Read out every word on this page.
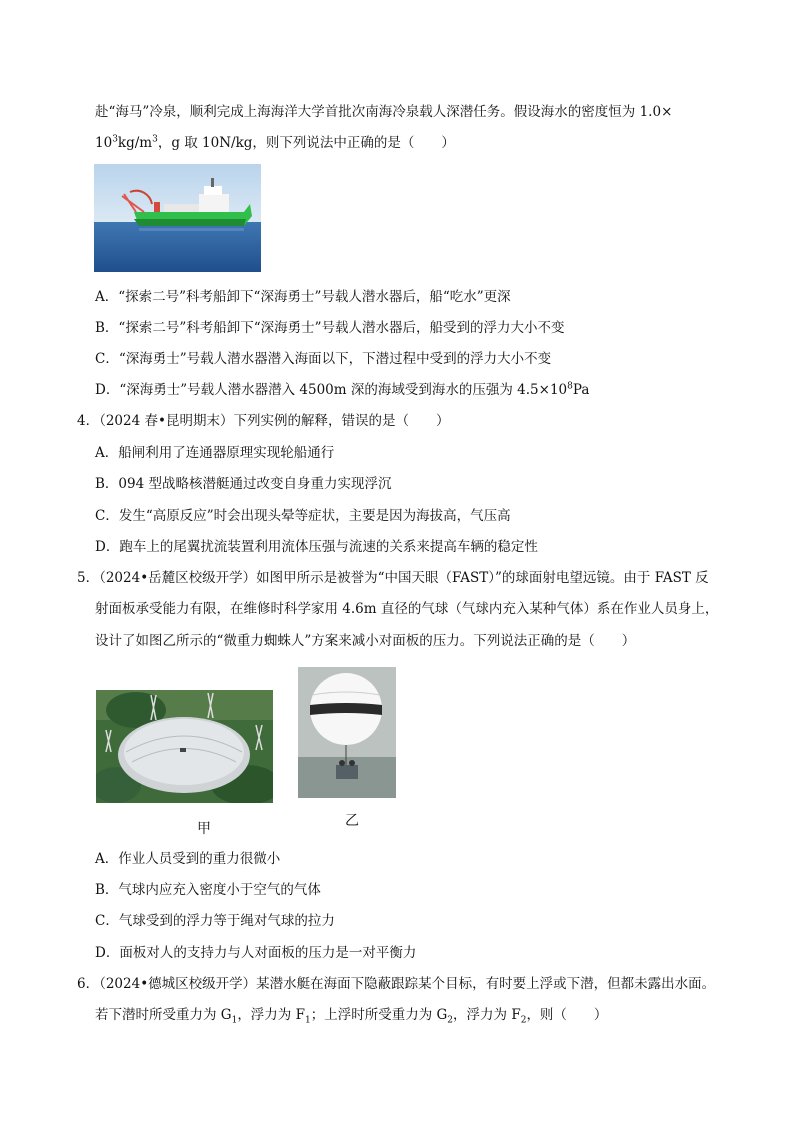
赴“海马”冷泉，顺利完成上海海洋大学首批次南海冷泉载人深潜任务。假设海水的密度恒为 1.0×
$10^3kg/m^3$，g 取 10N/kg，则下列说法中正确的是（　　）
A．“探索二号”科考船卸下“深海勇士”号载人潜水器后，船“吃水”更深
B．“探索二号”科考船卸下“深海勇士”号载人潜水器后，船受到的浮力大小不变
C．“深海勇士”号载人潜水器潜入海面以下，下潜过程中受到的浮力大小不变
D．“深海勇士”号载人潜水器潜入 4500m 深的海域受到海水的压强为 $4.5\times 10^8Pa$
4．（2024 春•昆明期末）下列实例的解释，错误的是（　　）
A．船闸利用了连通器原理实现轮船通行
B．094 型战略核潜艇通过改变自身重力实现浮沉
C．发生“高原反应”时会出现头晕等症状，主要是因为海拔高，气压高
D．跑车上的尾翼扰流装置利用流体压强与流速的关系来提高车辆的稳定性
5．（2024•岳麓区校级开学）如图甲所示是被誉为“中国天眼（FAST）”的球面射电望远镜。由于 FAST 反
射面板承受能力有限，在维修时科学家用 4.6m 直径的气球（气球内充入某种气体）系在作业人员身上，
设计了如图乙所示的“微重力蜘蛛人”方案来减小对面板的压力。下列说法正确的是（　　）
甲	乙
A．作业人员受到的重力很微小
B．气球内应充入密度小于空气的气体
C．气球受到的浮力等于绳对气球的拉力
D．面板对人的支持力与人对面板的压力是一对平衡力
6．（2024•德城区校级开学）某潜水艇在海面下隐蔽跟踪某个目标，有时要上浮或下潜，但都未露出水面。
若下潜时所受重力为 $G_1$，浮力为 $F_1$；上浮时所受重力为 $G_2$，浮力为 $F_2$，则（　　）
